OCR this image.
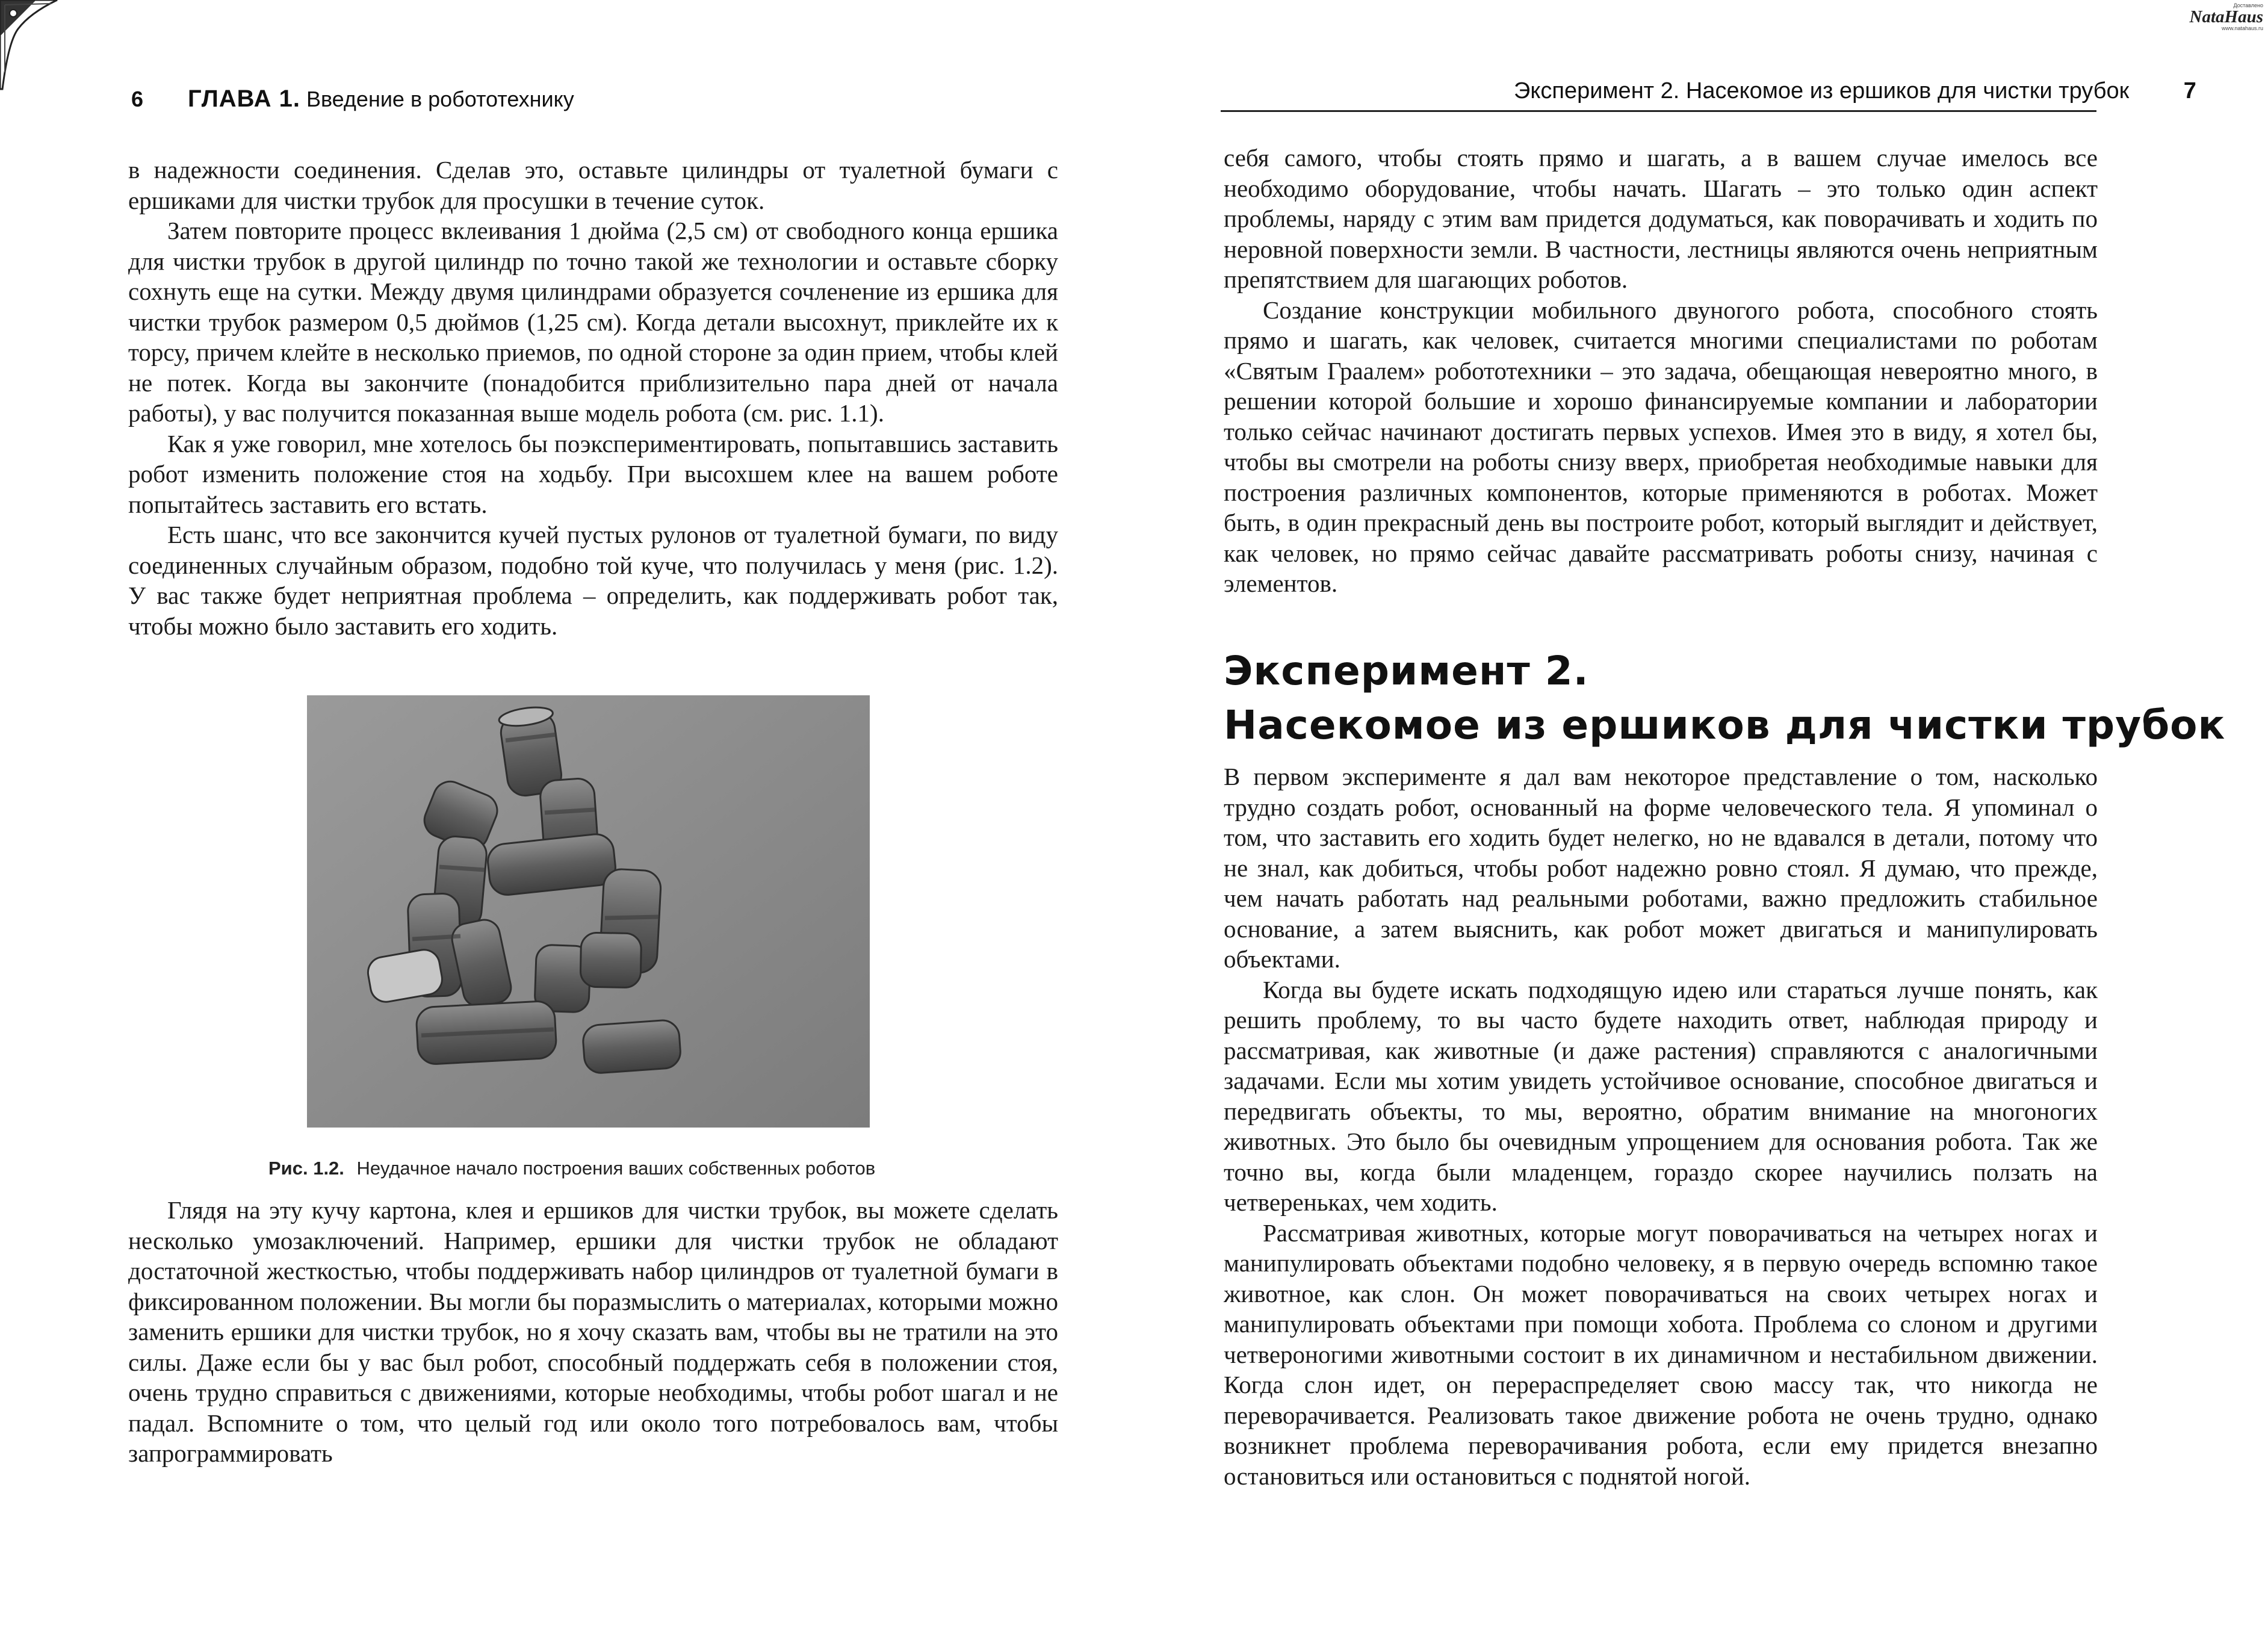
Доставлено
NataHaus
www.natahaus.ru
6 ГЛАВА 1. Введение в робототехнику

в надежности соединения. Сделав это, оставьте цилиндры от туалетной бумаги с ершиками для чистки трубок для просушки в течение суток.

Затем повторите процесс вклеивания 1 дюйма (2,5 см) от свободного конца ершика для чистки трубок в другой цилиндр по точно такой же технологии и оставьте сборку сохнуть еще на сутки. Между двумя цилиндрами образуется сочленение из ершика для чистки трубок размером 0,5 дюймов (1,25 см). Когда детали высохнут, приклейте их к торсу, причем клейте в несколько приемов, по одной стороне за один прием, чтобы клей не потек. Когда вы закончите (понадобится приблизительно пара дней от начала работы), у вас получится показанная выше модель робота (см. рис. 1.1).

Как я уже говорил, мне хотелось бы поэкспериментировать, попытавшись заставить робот изменить положение стоя на ходьбу. При высохшем клее на вашем роботе попытайтесь заставить его встать.

Есть шанс, что все закончится кучей пустых рулонов от туалетной бумаги, по виду соединенных случайным образом, подобно той куче, что получилась у меня (рис. 1.2). У вас также будет неприятная проблема – определить, как поддерживать робот так, чтобы можно было заставить его ходить.

Рис. 1.2. Неудачное начало построения ваших собственных роботов

Глядя на эту кучу картона, клея и ершиков для чистки трубок, вы можете сделать несколько умозаключений. Например, ершики для чистки трубок не обладают достаточной жесткостью, чтобы поддерживать набор цилиндров от туалетной бумаги в фиксированном положении. Вы могли бы поразмыслить о материалах, которыми можно заменить ершики для чистки трубок, но я хочу сказать вам, чтобы вы не тратили на это силы. Даже если бы у вас был робот, способный поддержать себя в положении стоя, очень трудно справиться с движениями, которые необходимы, чтобы робот шагал и не падал. Вспомните о том, что целый год или около того потребовалось вам, чтобы запрограммировать

Эксперимент 2. Насекомое из ершиков для чистки трубок 7

себя самого, чтобы стоять прямо и шагать, а в вашем случае имелось все необходимо оборудование, чтобы начать. Шагать – это только один аспект проблемы, наряду с этим вам придется додуматься, как поворачивать и ходить по неровной поверхности земли. В частности, лестницы являются очень неприятным препятствием для шагающих роботов.

Создание конструкции мобильного двуногого робота, способного стоять прямо и шагать, как человек, считается многими специалистами по роботам «Святым Граалем» робототехники – это задача, обещающая невероятно много, в решении которой большие и хорошо финансируемые компании и лаборатории только сейчас начинают достигать первых успехов. Имея это в виду, я хотел бы, чтобы вы смотрели на роботы снизу вверх, приобретая необходимые навыки для построения различных компонентов, которые применяются в роботах. Может быть, в один прекрасный день вы построите робот, который выглядит и действует, как человек, но прямо сейчас давайте рассматривать роботы снизу, начиная с элементов.

Эксперимент 2.
Насекомое из ершиков для чистки трубок

В первом эксперименте я дал вам некоторое представление о том, насколько трудно создать робот, основанный на форме человеческого тела. Я упоминал о том, что заставить его ходить будет нелегко, но не вдавался в детали, потому что не знал, как добиться, чтобы робот надежно ровно стоял. Я думаю, что прежде, чем начать работать над реальными роботами, важно предложить стабильное основание, а затем выяснить, как робот может двигаться и манипулировать объектами.

Когда вы будете искать подходящую идею или стараться лучше понять, как решить проблему, то вы часто будете находить ответ, наблюдая природу и рассматривая, как животные (и даже растения) справляются с аналогичными задачами. Если мы хотим увидеть устойчивое основание, способное двигаться и передвигать объекты, то мы, вероятно, обратим внимание на многоногих животных. Это было бы очевидным упрощением для основания робота. Так же точно вы, когда были младенцем, гораздо скорее научились ползать на четвереньках, чем ходить.

Рассматривая животных, которые могут поворачиваться на четырех ногах и манипулировать объектами подобно человеку, я в первую очередь вспомню такое животное, как слон. Он может поворачиваться на своих четырех ногах и манипулировать объектами при помощи хобота. Проблема со слоном и другими четвероногими животными состоит в их динамичном и нестабильном движении. Когда слон идет, он перераспределяет свою массу так, что никогда не переворачивается. Реализовать такое движение робота не очень трудно, однако возникнет проблема переворачивания робота, если ему придется внезапно остановиться или остановиться с поднятой ногой.
